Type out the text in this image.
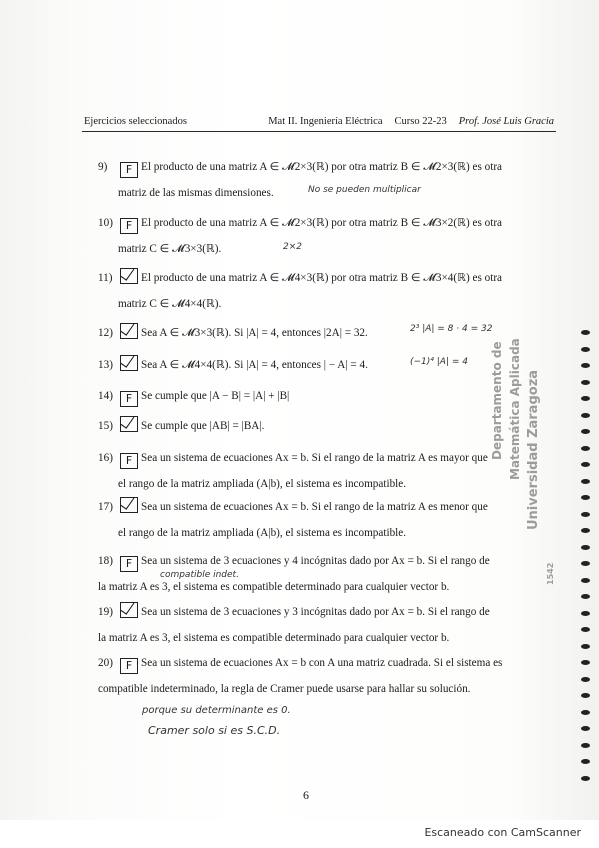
Ejercicios seleccionados	Mat II. Ingeniería Eléctrica Curso 22-23 Prof. José Luis Gracia
9) F El producto de una matriz A ∈ 𝓜2×3(ℝ) por otra matriz B ∈ 𝓜2×3(ℝ) es otra
matriz de las mismas dimensiones.	No se pueden multiplicar
10) F El producto de una matriz A ∈ 𝓜2×3(ℝ) por otra matriz B ∈ 𝓜3×2(ℝ) es otra
matriz C ∈ 𝓜3×3(ℝ).	2×2
11)	El producto de una matriz A ∈ 𝓜4×3(ℝ) por otra matriz B ∈ 𝓜3×4(ℝ) es otra
matriz C ∈ 𝓜4×4(ℝ).
12)	Sea A ∈ 𝓜3×3(ℝ). Si |A| = 4, entonces |2A| = 32.	2³ |A| = 8 · 4 = 32
13)	Sea A ∈ 𝓜4×4(ℝ). Si |A| = 4, entonces | − A| = 4.	(−1)⁴ |A| = 4
14) F Se cumple que |A − B| = |A| + |B|
15)	Se cumple que |AB| = |BA|.
16) F Sea un sistema de ecuaciones Ax = b. Si el rango de la matriz A es mayor que
el rango de la matriz ampliada (A|b), el sistema es incompatible.
17)	Sea un sistema de ecuaciones Ax = b. Si el rango de la matriz A es menor que
el rango de la matriz ampliada (A|b), el sistema es incompatible.
18) F Sea un sistema de 3 ecuaciones y 4 incógnitas dado por Ax = b. Si el rango de
compatible indet.
la matriz A es 3, el sistema es compatible determinado para cualquier vector b.
19)	Sea un sistema de 3 ecuaciones y 3 incógnitas dado por Ax = b. Si el rango de
la matriz A es 3, el sistema es compatible determinado para cualquier vector b.
20) F Sea un sistema de ecuaciones Ax = b con A una matriz cuadrada. Si el sistema es
compatible indeterminado, la regla de Cramer puede usarse para hallar su solución.
porque su determinante es 0.
Cramer solo si es S.C.D.
Departamento de Matemática Aplicada Universidad Zaragoza
1542
6
Escaneado con CamScanner
